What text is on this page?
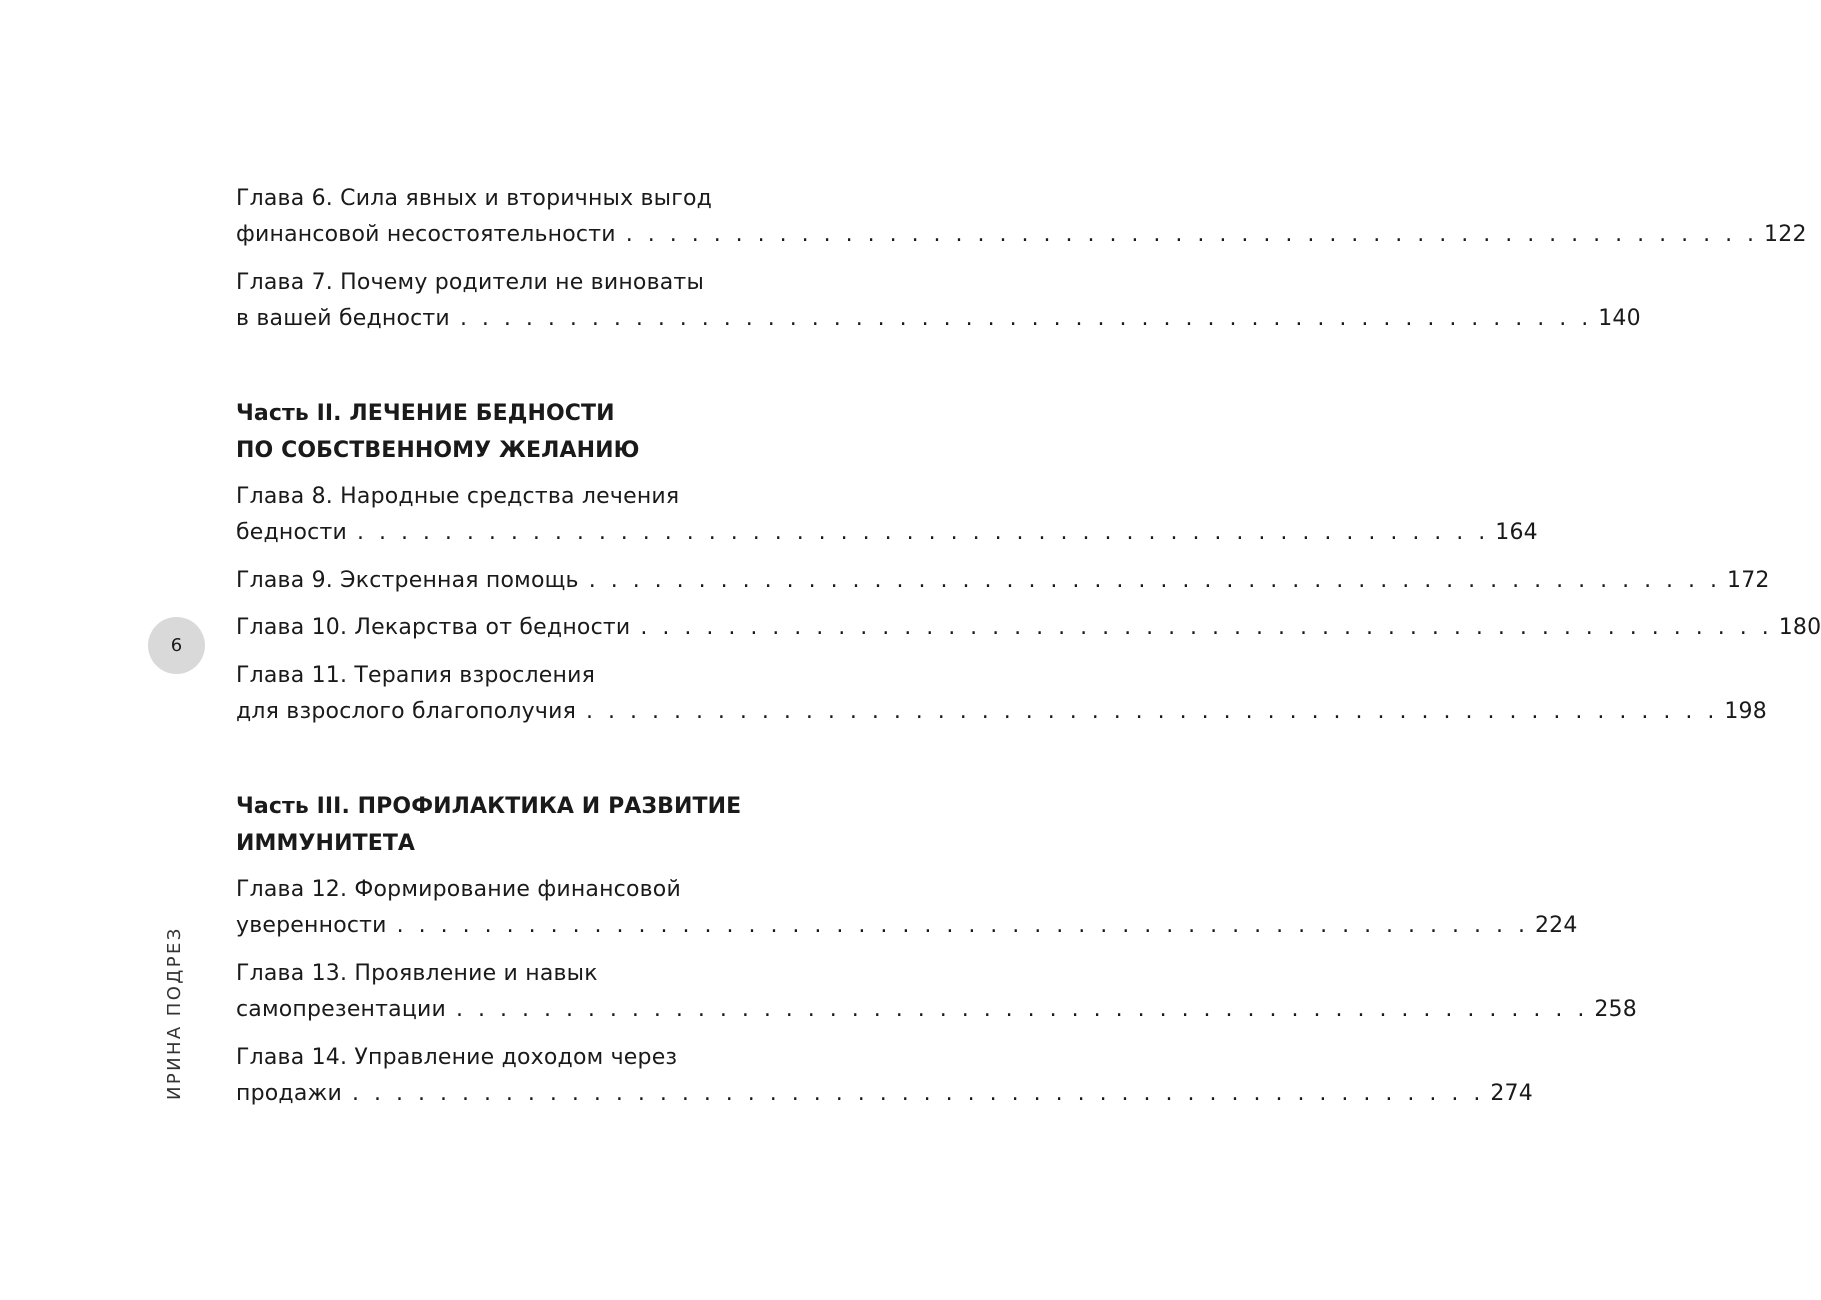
Глава 6. Сила явных и вторичных выгод
финансовой несостоятельности . . . . . . . . . . . . . . . . . . . . . . . . . . . . . . . . . . . . . . . . . . . . . . . . . . . . 122
Глава 7. Почему родители не виноваты
в вашей бедности . . . . . . . . . . . . . . . . . . . . . . . . . . . . . . . . . . . . . . . . . . . . . . . . . . . . 140
Часть II. ЛЕЧЕНИЕ БЕДНОСТИ
ПО СОБСТВЕННОМУ ЖЕЛАНИЮ
Глава 8. Народные средства лечения
бедности . . . . . . . . . . . . . . . . . . . . . . . . . . . . . . . . . . . . . . . . . . . . . . . . . . . . 164
Глава 9. Экстренная помощь . . . . . . . . . . . . . . . . . . . . . . . . . . . . . . . . . . . . . . . . . . . . . . . . . . . . 172
Глава 10. Лекарства от бедности . . . . . . . . . . . . . . . . . . . . . . . . . . . . . . . . . . . . . . . . . . . . . . . . . . . . 180
Глава 11. Терапия взросления
для взрослого благополучия . . . . . . . . . . . . . . . . . . . . . . . . . . . . . . . . . . . . . . . . . . . . . . . . . . . . 198
Часть III. ПРОФИЛАКТИКА И РАЗВИТИЕ
ИММУНИТЕТА
Глава 12. Формирование финансовой
уверенности . . . . . . . . . . . . . . . . . . . . . . . . . . . . . . . . . . . . . . . . . . . . . . . . . . . . 224
Глава 13. Проявление и навык
самопрезентации . . . . . . . . . . . . . . . . . . . . . . . . . . . . . . . . . . . . . . . . . . . . . . . . . . . . 258
Глава 14. Управление доходом через
продажи . . . . . . . . . . . . . . . . . . . . . . . . . . . . . . . . . . . . . . . . . . . . . . . . . . . . 274
6
ИРИНА ПОДРЕЗ
